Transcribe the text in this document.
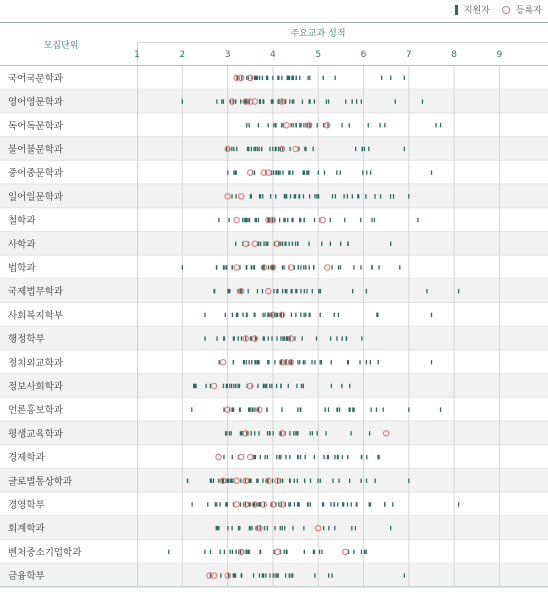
지원자	등록자
모집단위
주요교과 성적
1	2	3	4	5	6	7	8	9
국어국문학과
영어영문학과
독어독문학과
불어불문학과
중어중문학과
일어일문학과
철학과
사학과
법학과
국제법무학과
사회복지학부
행정학부
정치외교학과
정보사회학과
언론홍보학과
평생교육학과
경제학과
글로벌통상학과
경영학부
회계학과
벤처중소기업학과
금융학부
